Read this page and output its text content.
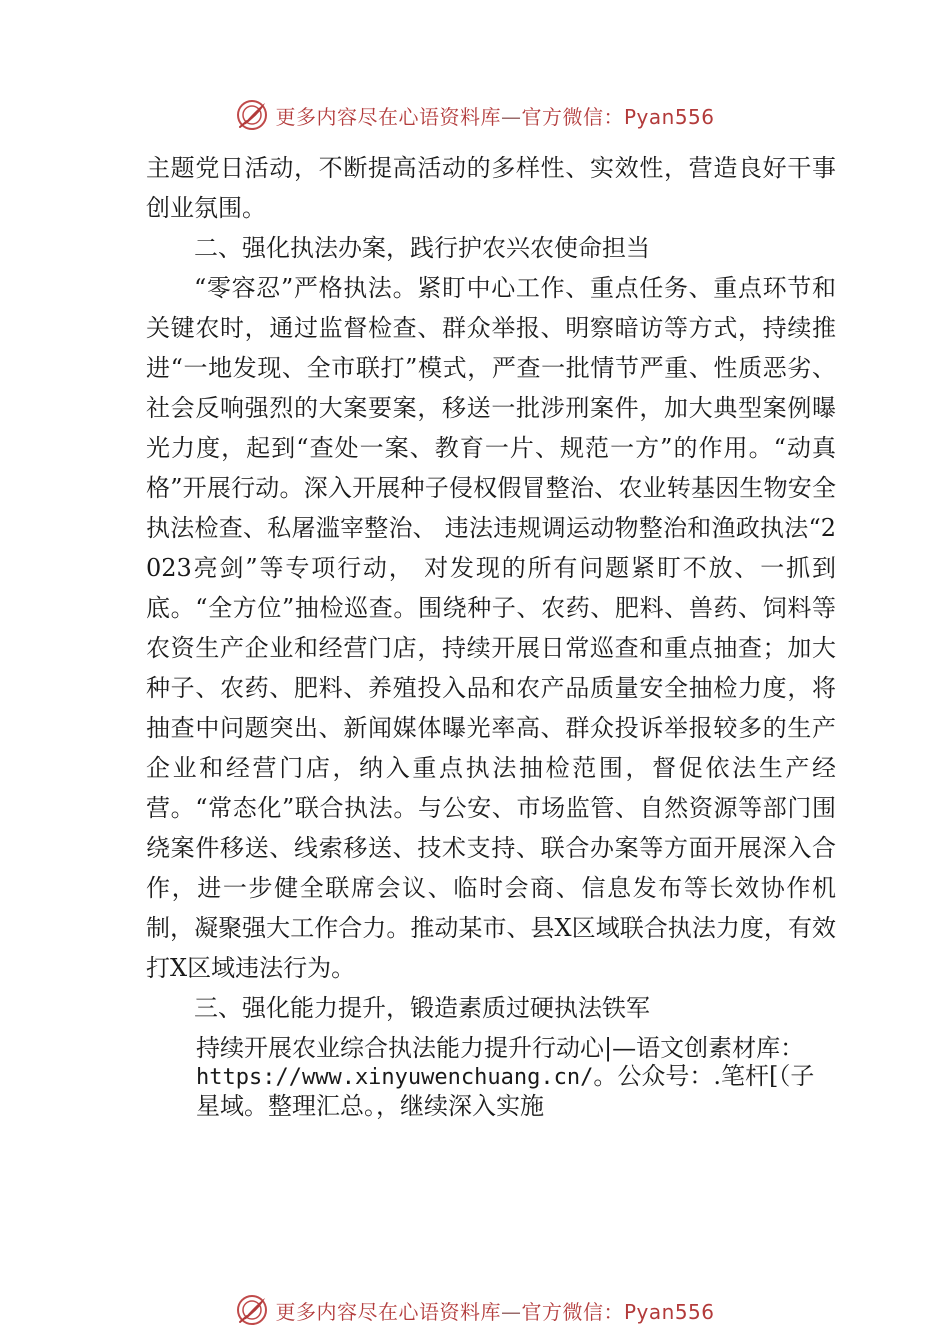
更多内容尽在心语资料库—官方微信：Pyan556

主题党日活动，不断提高活动的多样性、实效性，营造良好干事创业氛围。

二、强化执法办案，践行护农兴农使命担当

“零容忍”严格执法。紧盯中心工作、重点任务、重点环节和关键农时，通过监督检查、群众举报、明察暗访等方式，持续推进“一地发现、全市联打”模式，严查一批情节严重、性质恶劣、社会反响强烈的大案要案，移送一批涉刑案件，加大典型案例曝光力度，起到“查处一案、教育一片、规范一方”的作用。“动真格”开展行动。深入开展种子侵权假冒整治、农业转基因生物安全执法检查、私屠滥宰整治、 违法违规调运动物整治和渔政执法“2023亮剑”等专项行动， 对发现的所有问题紧盯不放、一抓到底。“全方位”抽检巡查。围绕种子、农药、肥料、兽药、饲料等农资生产企业和经营门店，持续开展日常巡查和重点抽查；加大种子、农药、肥料、养殖投入品和农产品质量安全抽检力度，将抽查中问题突出、新闻媒体曝光率高、群众投诉举报较多的生产企业和经营门店，纳入重点执法抽检范围，督促依法生产经营。“常态化”联合执法。与公安、市场监管、自然资源等部门围绕案件移送、线索移送、技术支持、联合办案等方面开展深入合作，进一步健全联席会议、临时会商、信息发布等长效协作机制，凝聚强大工作合力。推动某市、县X区域联合执法力度，有效打X区域违法行为。

三、强化能力提升，锻造素质过硬执法铁军

持续开展农业综合执法能力提升行动心|—语文创素材库：
https://www.xinyuwenchuang.cn/。公众号：.笔杆[（子
星域。整理汇总。，继续深入实施
更多内容尽在心语资料库—官方微信：Pyan556
